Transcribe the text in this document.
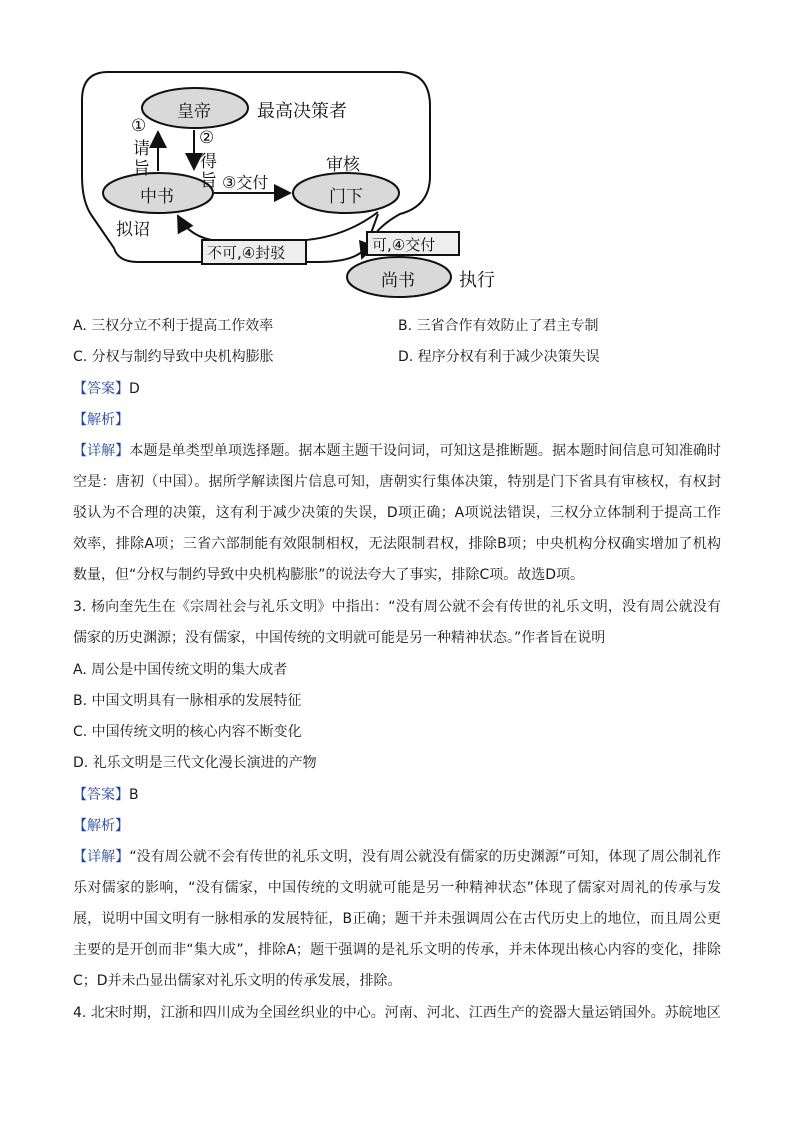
皇帝	最高决策者
中书	门下
尚书
审核
拟诏
执行
①
请
旨
②
得
旨 ③交付
不可,④封驳	可,④交付
A. 三权分立不利于提高工作效率	B. 三省合作有效防止了君主专制
C. 分权与制约导致中央机构膨胀	D. 程序分权有利于减少决策失误
【答案】D
【解析】
【详解】本题是单类型单项选择题。据本题主题干设问词，可知这是推断题。据本题时间信息可知准确时空是：唐初（中国）。据所学解读图片信息可知，唐朝实行集体决策，特别是门下省具有审核权，有权封驳认为不合理的决策，这有利于减少决策的失误，D项正确；A项说法错误，三权分立体制利于提高工作效率，排除A项；三省六部制能有效限制相权，无法限制君权，排除B项；中央机构分权确实增加了机构数量，但“分权与制约导致中央机构膨胀”的说法夸大了事实，排除C项。故选D项。
3. 杨向奎先生在《宗周社会与礼乐文明》中指出：“没有周公就不会有传世的礼乐文明，没有周公就没有儒家的历史渊源；没有儒家，中国传统的文明就可能是另一种精神状态。”作者旨在说明
A. 周公是中国传统文明的集大成者
B. 中国文明具有一脉相承的发展特征
C. 中国传统文明的核心内容不断变化
D. 礼乐文明是三代文化漫长演进的产物
【答案】B
【解析】
【详解】“没有周公就不会有传世的礼乐文明，没有周公就没有儒家的历史渊源”可知，体现了周公制礼作乐对儒家的影响，“没有儒家，中国传统的文明就可能是另一种精神状态”体现了儒家对周礼的传承与发展，说明中国文明有一脉相承的发展特征，B正确；题干并未强调周公在古代历史上的地位，而且周公更主要的是开创而非“集大成”，排除A；题干强调的是礼乐文明的传承，并未体现出核心内容的变化，排除C；D并未凸显出儒家对礼乐文明的传承发展，排除。
4. 北宋时期，江浙和四川成为全国丝织业的中心。河南、河北、江西生产的瓷器大量运销国外。苏皖地区
